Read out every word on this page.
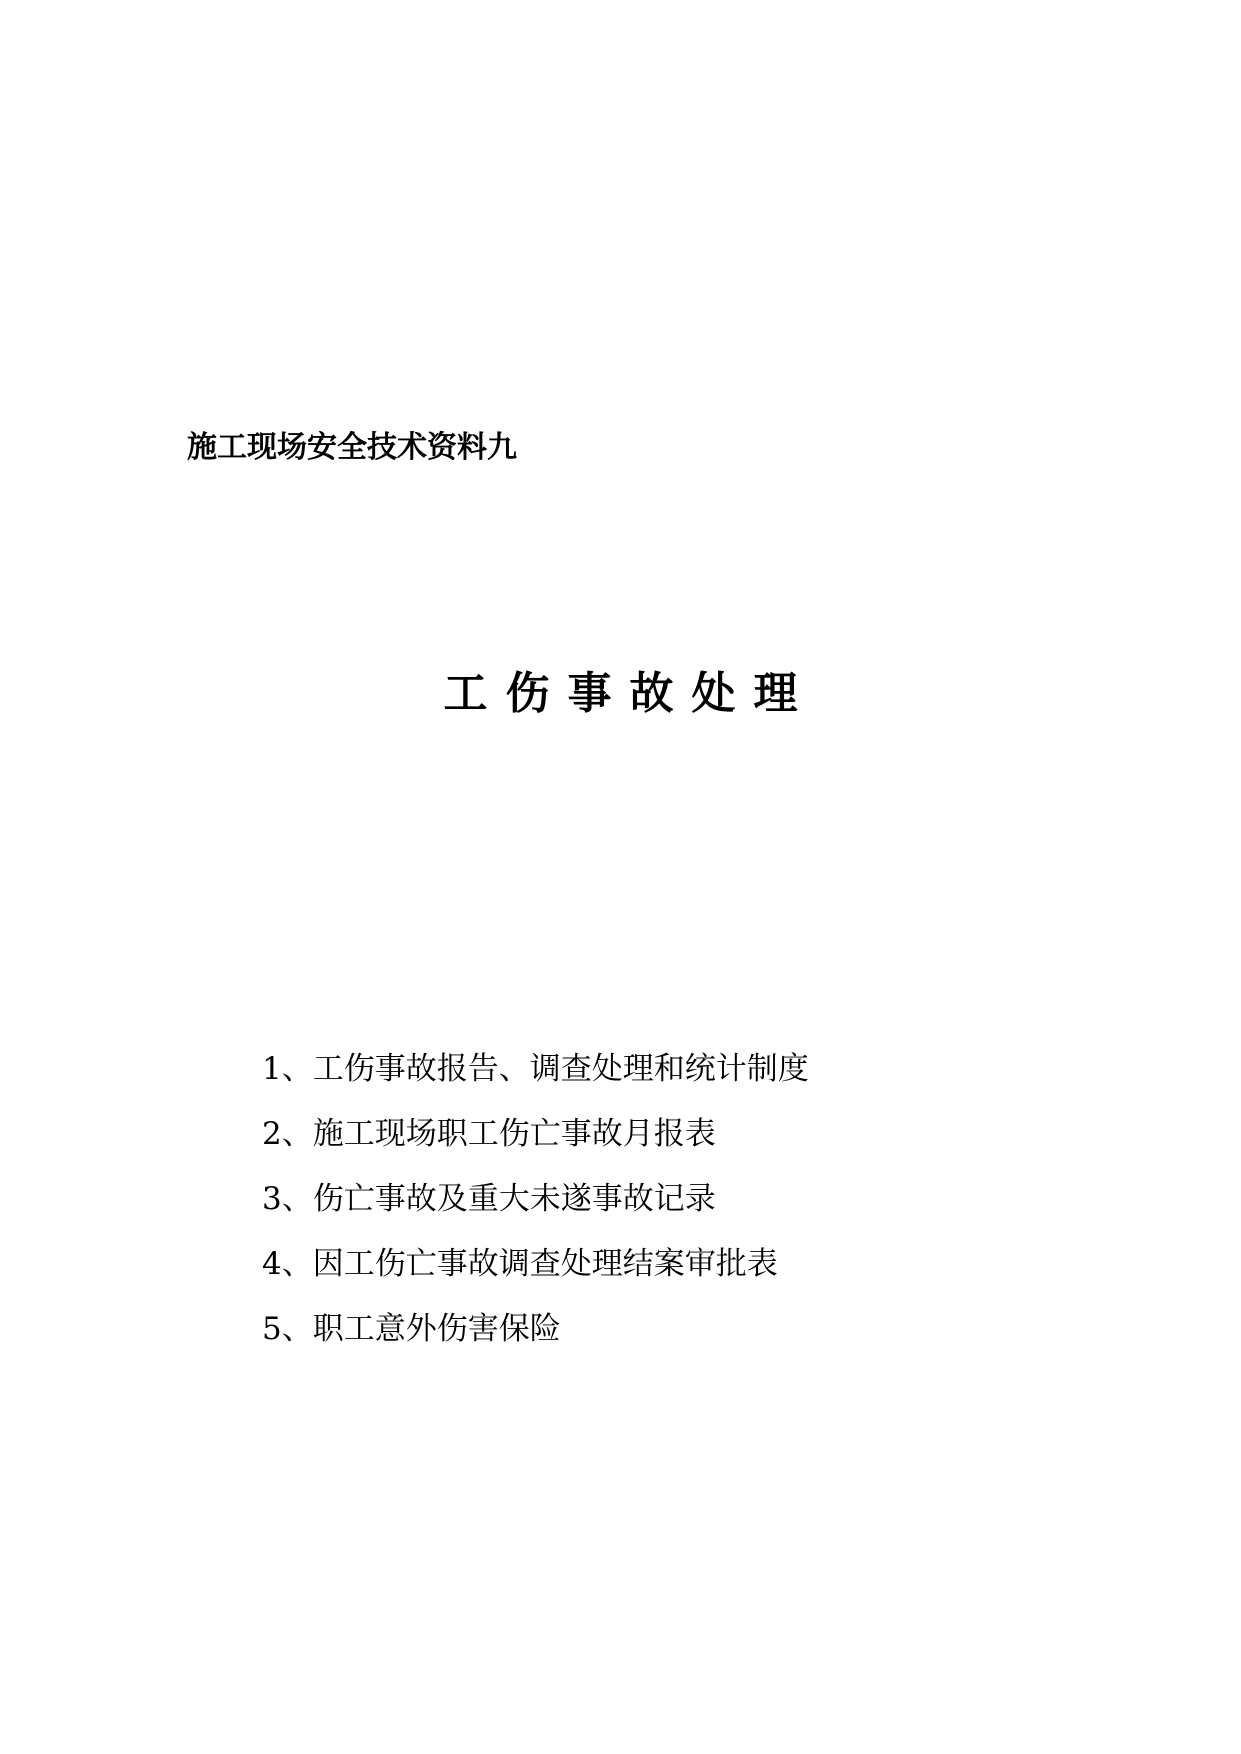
施工现场安全技术资料九
工伤事故处理
1、工伤事故报告、调查处理和统计制度
2、施工现场职工伤亡事故月报表
3、伤亡事故及重大未遂事故记录
4、因工伤亡事故调查处理结案审批表
5、职工意外伤害保险
